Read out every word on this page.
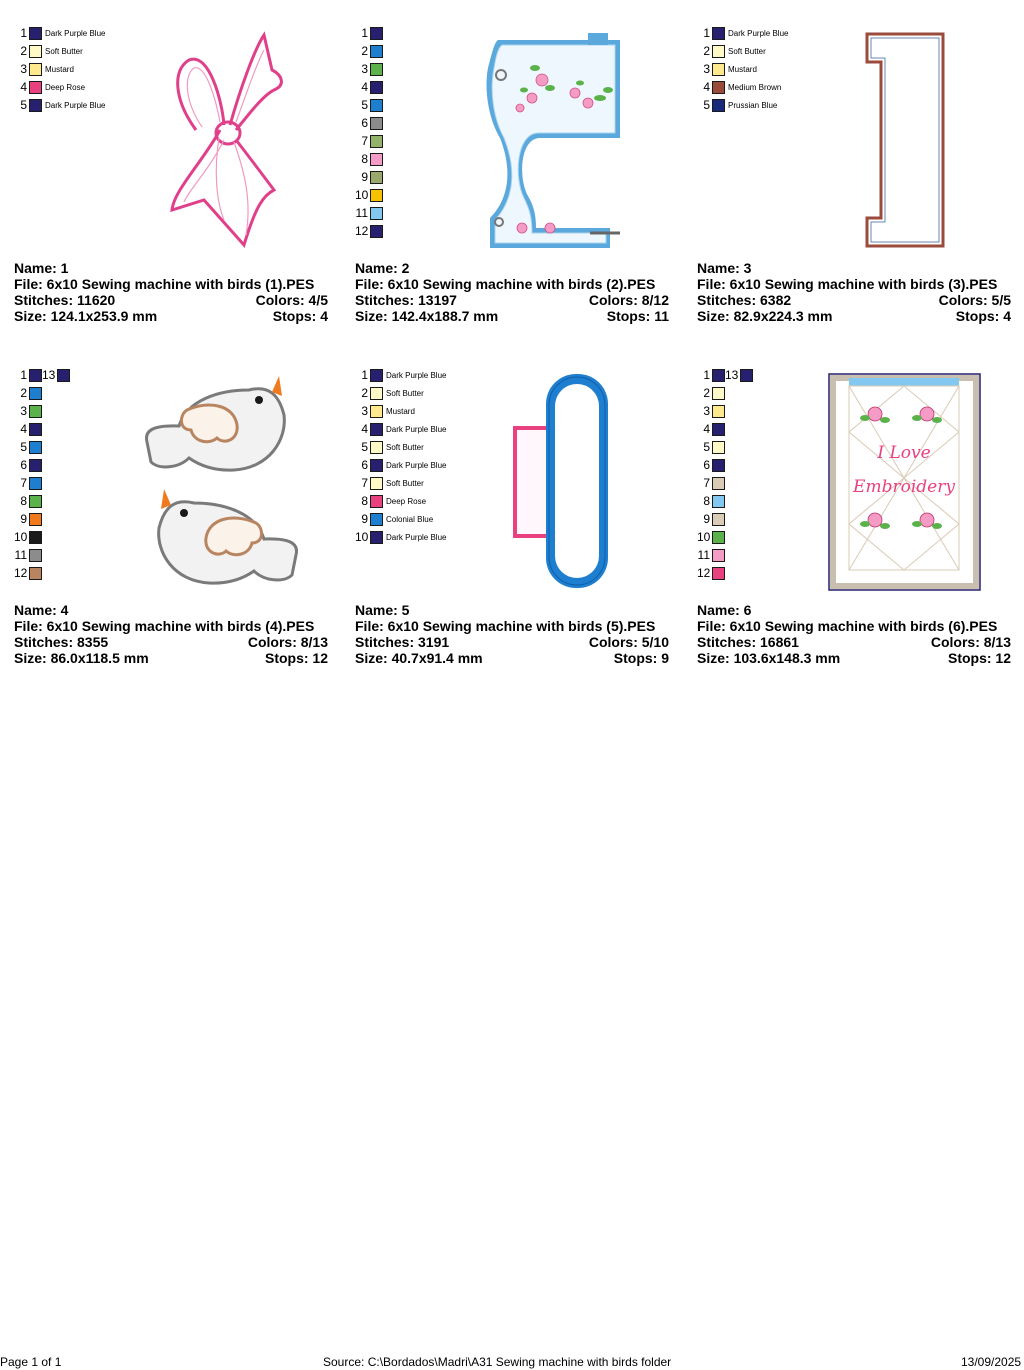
1 Dark Purple Blue
2 Soft Butter
3 Mustard
4 Deep Rose
5 Dark Purple Blue
Name: 1
File: 6x10 Sewing machine with birds (1).PES
Stitches: 11620	Colors: 4/5
Size: 124.1x253.9 mm	Stops: 4
1
2
3
4
5
6
7
8
9
10
11
12
Name: 2
File: 6x10 Sewing machine with birds (2).PES
Stitches: 13197	Colors: 8/12
Size: 142.4x188.7 mm	Stops: 11
1 Dark Purple Blue
2 Soft Butter
3 Mustard
4 Medium Brown
5 Prussian Blue
Name: 3
File: 6x10 Sewing machine with birds (3).PES
Stitches: 6382	Colors: 5/5
Size: 82.9x224.3 mm	Stops: 4
1
2
3
4
5
6
7
8
9
10
11
12
13
Name: 4
File: 6x10 Sewing machine with birds (4).PES
Stitches: 8355	Colors: 8/13
Size: 86.0x118.5 mm	Stops: 12
1 Dark Purple Blue
2 Soft Butter
3 Mustard
4 Dark Purple Blue
5 Soft Butter
6 Dark Purple Blue
7 Soft Butter
8 Deep Rose
9 Colonial Blue
10 Dark Purple Blue
Name: 5
File: 6x10 Sewing machine with birds (5).PES
Stitches: 3191	Colors: 5/10
Size: 40.7x91.4 mm	Stops: 9
1
2
3
4
5
6
7
8
9
10
11
12
13
I Love
Embroidery
Name: 6
File: 6x10 Sewing machine with birds (6).PES
Stitches: 16861	Colors: 8/13
Size: 103.6x148.3 mm	Stops: 12
Page 1 of 1	Source: C:\Bordados\Madri\A31 Sewing machine with birds folder	13/09/2025
